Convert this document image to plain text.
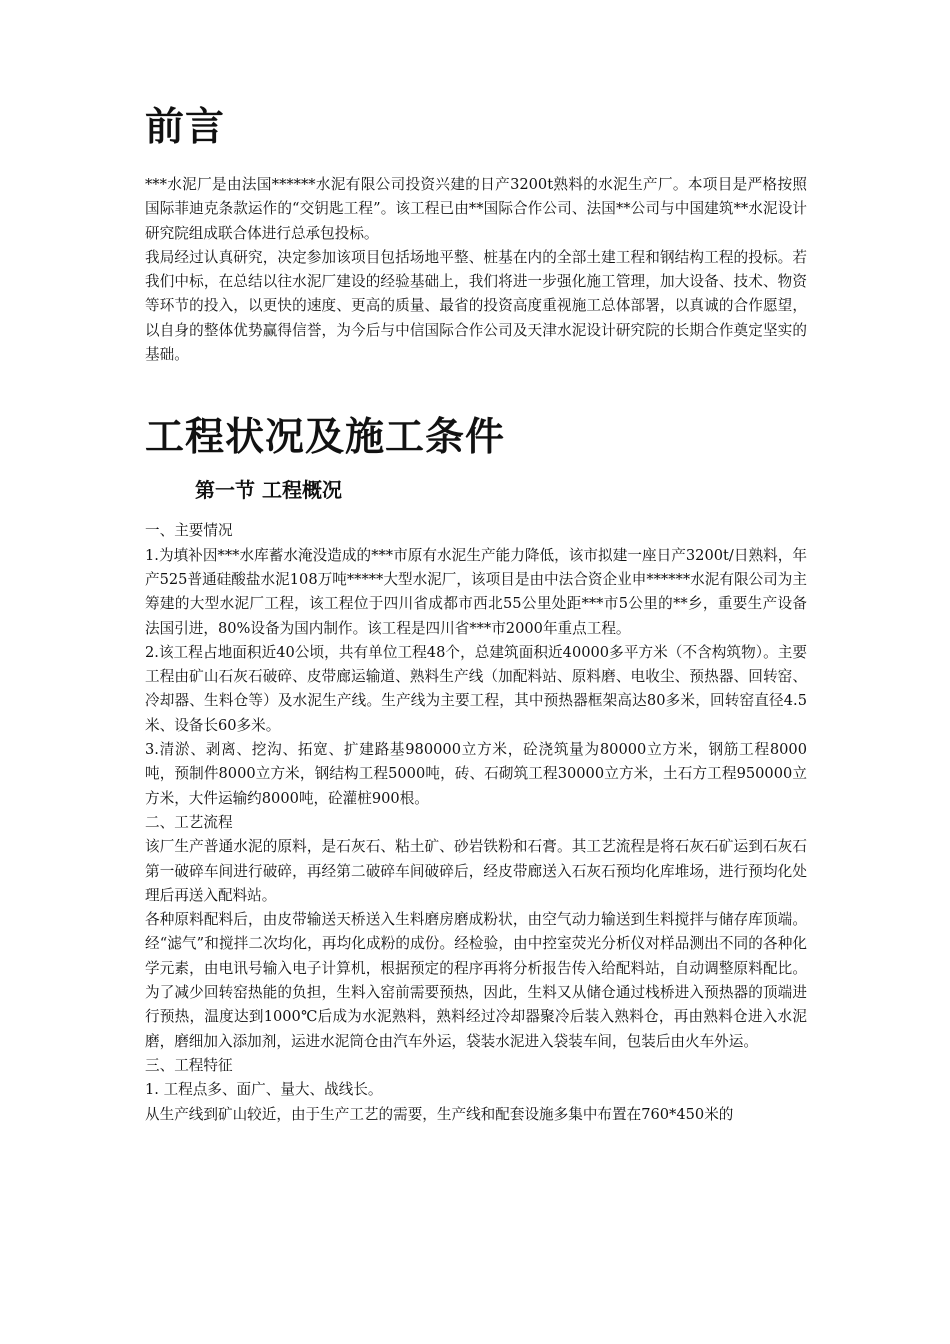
前言

***水泥厂是由法国******水泥有限公司投资兴建的日产3200t熟料的水泥生产厂。本项目是严格按照国际菲迪克条款运作的“交钥匙工程”。该工程已由**国际合作公司、法国**公司与中国建筑**水泥设计研究院组成联合体进行总承包投标。

我局经过认真研究，决定参加该项目包括场地平整、桩基在内的全部土建工程和钢结构工程的投标。若我们中标，在总结以往水泥厂建设的经验基础上，我们将进一步强化施工管理，加大设备、技术、物资等环节的投入，以更快的速度、更高的质量、最省的投资高度重视施工总体部署，以真诚的合作愿望，以自身的整体优势赢得信誉，为今后与中信国际合作公司及天津水泥设计研究院的长期合作奠定坚实的基础。

工程状况及施工条件
第一节 工程概况

一、主要情况

1.为填补因***水库蓄水淹没造成的***市原有水泥生产能力降低，该市拟建一座日产3200t/日熟料，年产525普通硅酸盐水泥108万吨*****大型水泥厂，该项目是由中法合资企业申******水泥有限公司为主筹建的大型水泥厂工程，该工程位于四川省成都市西北55公里处距***市5公里的**乡，重要生产设备法国引进，80%设备为国内制作。该工程是四川省***市2000年重点工程。

2.该工程占地面积近40公顷，共有单位工程48个，总建筑面积近40000多平方米（不含构筑物）。主要工程由矿山石灰石破碎、皮带廊运输道、熟料生产线（加配料站、原料磨、电收尘、预热器、回转窑、冷却器、生料仓等）及水泥生产线。生产线为主要工程，其中预热器框架高达80多米，回转窑直径4.5米、设备长60多米。

3.清淤、剥离、挖沟、拓宽、扩建路基980000立方米，砼浇筑量为80000立方米，钢筋工程8000吨，预制件8000立方米，钢结构工程5000吨，砖、石砌筑工程30000立方米，土石方工程950000立方米，大件运输约8000吨，砼灌桩900根。

二、工艺流程

该厂生产普通水泥的原料，是石灰石、粘土矿、砂岩铁粉和石膏。其工艺流程是将石灰石矿运到石灰石第一破碎车间进行破碎，再经第二破碎车间破碎后，经皮带廊送入石灰石预均化库堆场，进行预均化处理后再送入配料站。

各种原料配料后，由皮带输送天桥送入生料磨房磨成粉状，由空气动力输送到生料搅拌与储存库顶端。经“滤气”和搅拌二次均化，再均化成粉的成份。经检验，由中控室荧光分析仪对样品测出不同的各种化学元素，由电讯号输入电子计算机，根据预定的程序再将分析报告传入给配料站，自动调整原料配比。为了减少回转窑热能的负担，生料入窑前需要预热，因此，生料又从储仓通过栈桥进入预热器的顶端进行预热，温度达到1000℃后成为水泥熟料，熟料经过冷却器聚冷后装入熟料仓，再由熟料仓进入水泥磨，磨细加入添加剂，运进水泥筒仓由汽车外运，袋装水泥进入袋装车间，包装后由火车外运。

三、工程特征

1. 工程点多、面广、量大、战线长。

从生产线到矿山较近，由于生产工艺的需要，生产线和配套设施多集中布置在760*450米的
